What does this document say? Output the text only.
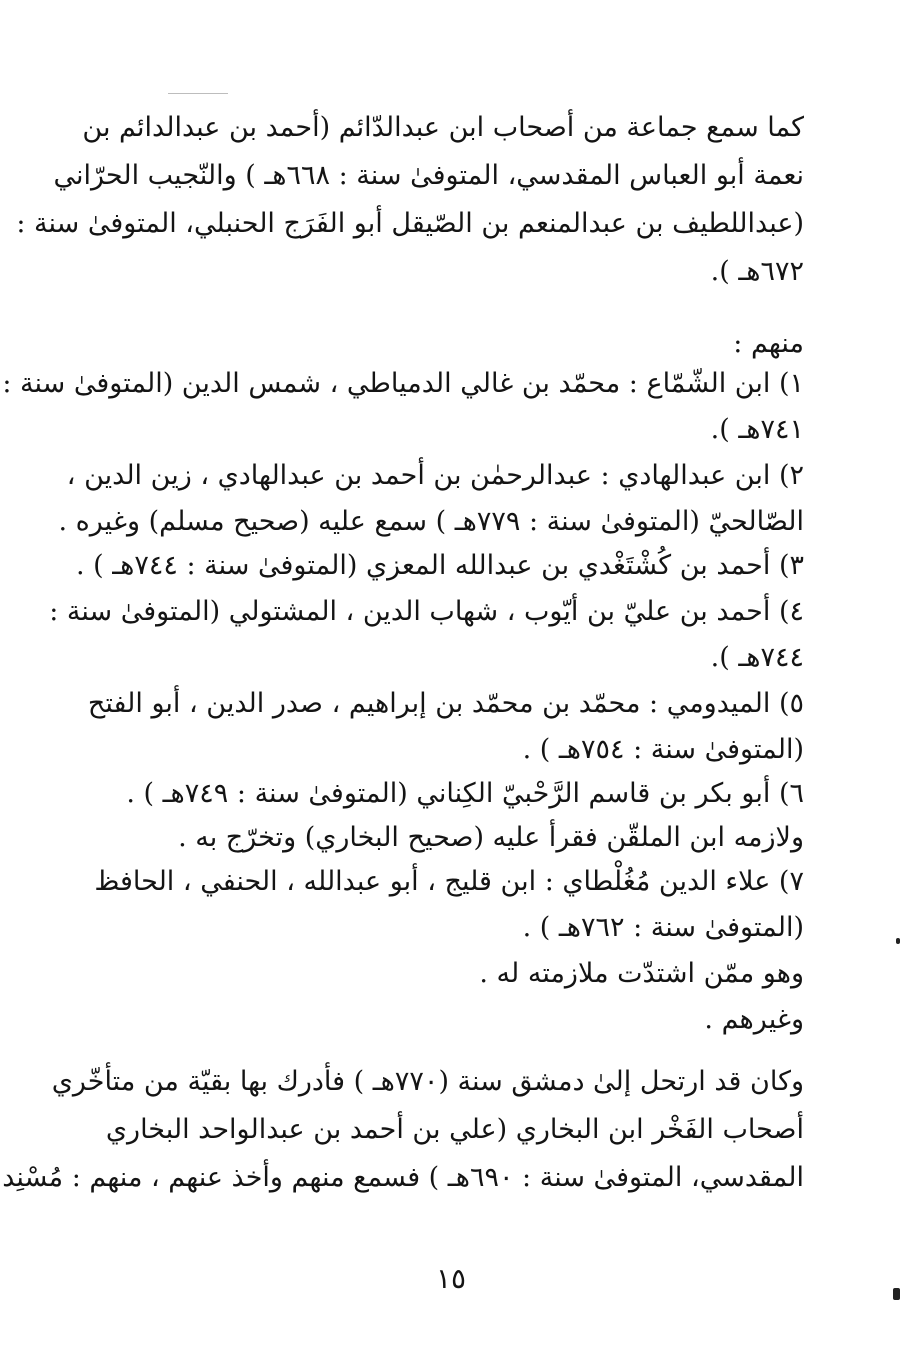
كما سمع جماعة من أصحاب ابن عبدالدّائم (أحمد بن عبدالدائم بن
نعمة أبو العباس المقدسي، المتوفىٰ سنة : ٦٦٨هـ ) والنّجيب الحرّاني
(عبداللطيف بن عبدالمنعم بن الصّيقل أبو الفَرَج الحنبلي، المتوفىٰ سنة :
٦٧٢هـ ).
منهم :
١) ابن الشّمّاع : محمّد بن غالي الدمياطي ، شمس الدين (المتوفىٰ سنة :
٧٤١هـ ).
٢) ابن عبدالهادي : عبدالرحمٰن بن أحمد بن عبدالهادي ، زين الدين ،
الصّالحيّ (المتوفىٰ سنة : ٧٧٩هـ ) سمع عليه (صحيح مسلم) وغيره .
٣) أحمد بن كُشْتَغْدي بن عبدالله المعزي (المتوفىٰ سنة : ٧٤٤هـ ) .
٤) أحمد بن عليّ بن أيّوب ، شهاب الدين ، المشتولي (المتوفىٰ سنة :
٧٤٤هـ ).
٥) الميدومي : محمّد بن محمّد بن إبراهيم ، صدر الدين ، أبو الفتح
(المتوفىٰ سنة : ٧٥٤هـ ) .
٦) أبو بكر بن قاسم الرَّحْبيّ الكِناني (المتوفىٰ سنة : ٧٤٩هـ ) .
ولازمه ابن الملقّن فقرأ عليه (صحيح البخاري) وتخرّج به .
٧) علاء الدين مُغُلْطاي : ابن قليج ، أبو عبدالله ، الحنفي ، الحافظ
(المتوفىٰ سنة : ٧٦٢هـ ) .
وهو ممّن اشتدّت ملازمته له .
وغيرهم .
وكان قد ارتحل إلىٰ دمشق سنة (٧٧٠هـ ) فأدرك بها بقيّة من متأخّري
أصحاب الفَخْر ابن البخاري (علي بن أحمد بن عبدالواحد البخاري
المقدسي، المتوفىٰ سنة : ٦٩٠هـ ) فسمع منهم وأخذ عنهم ، منهم : مُسْنِد
١٥
